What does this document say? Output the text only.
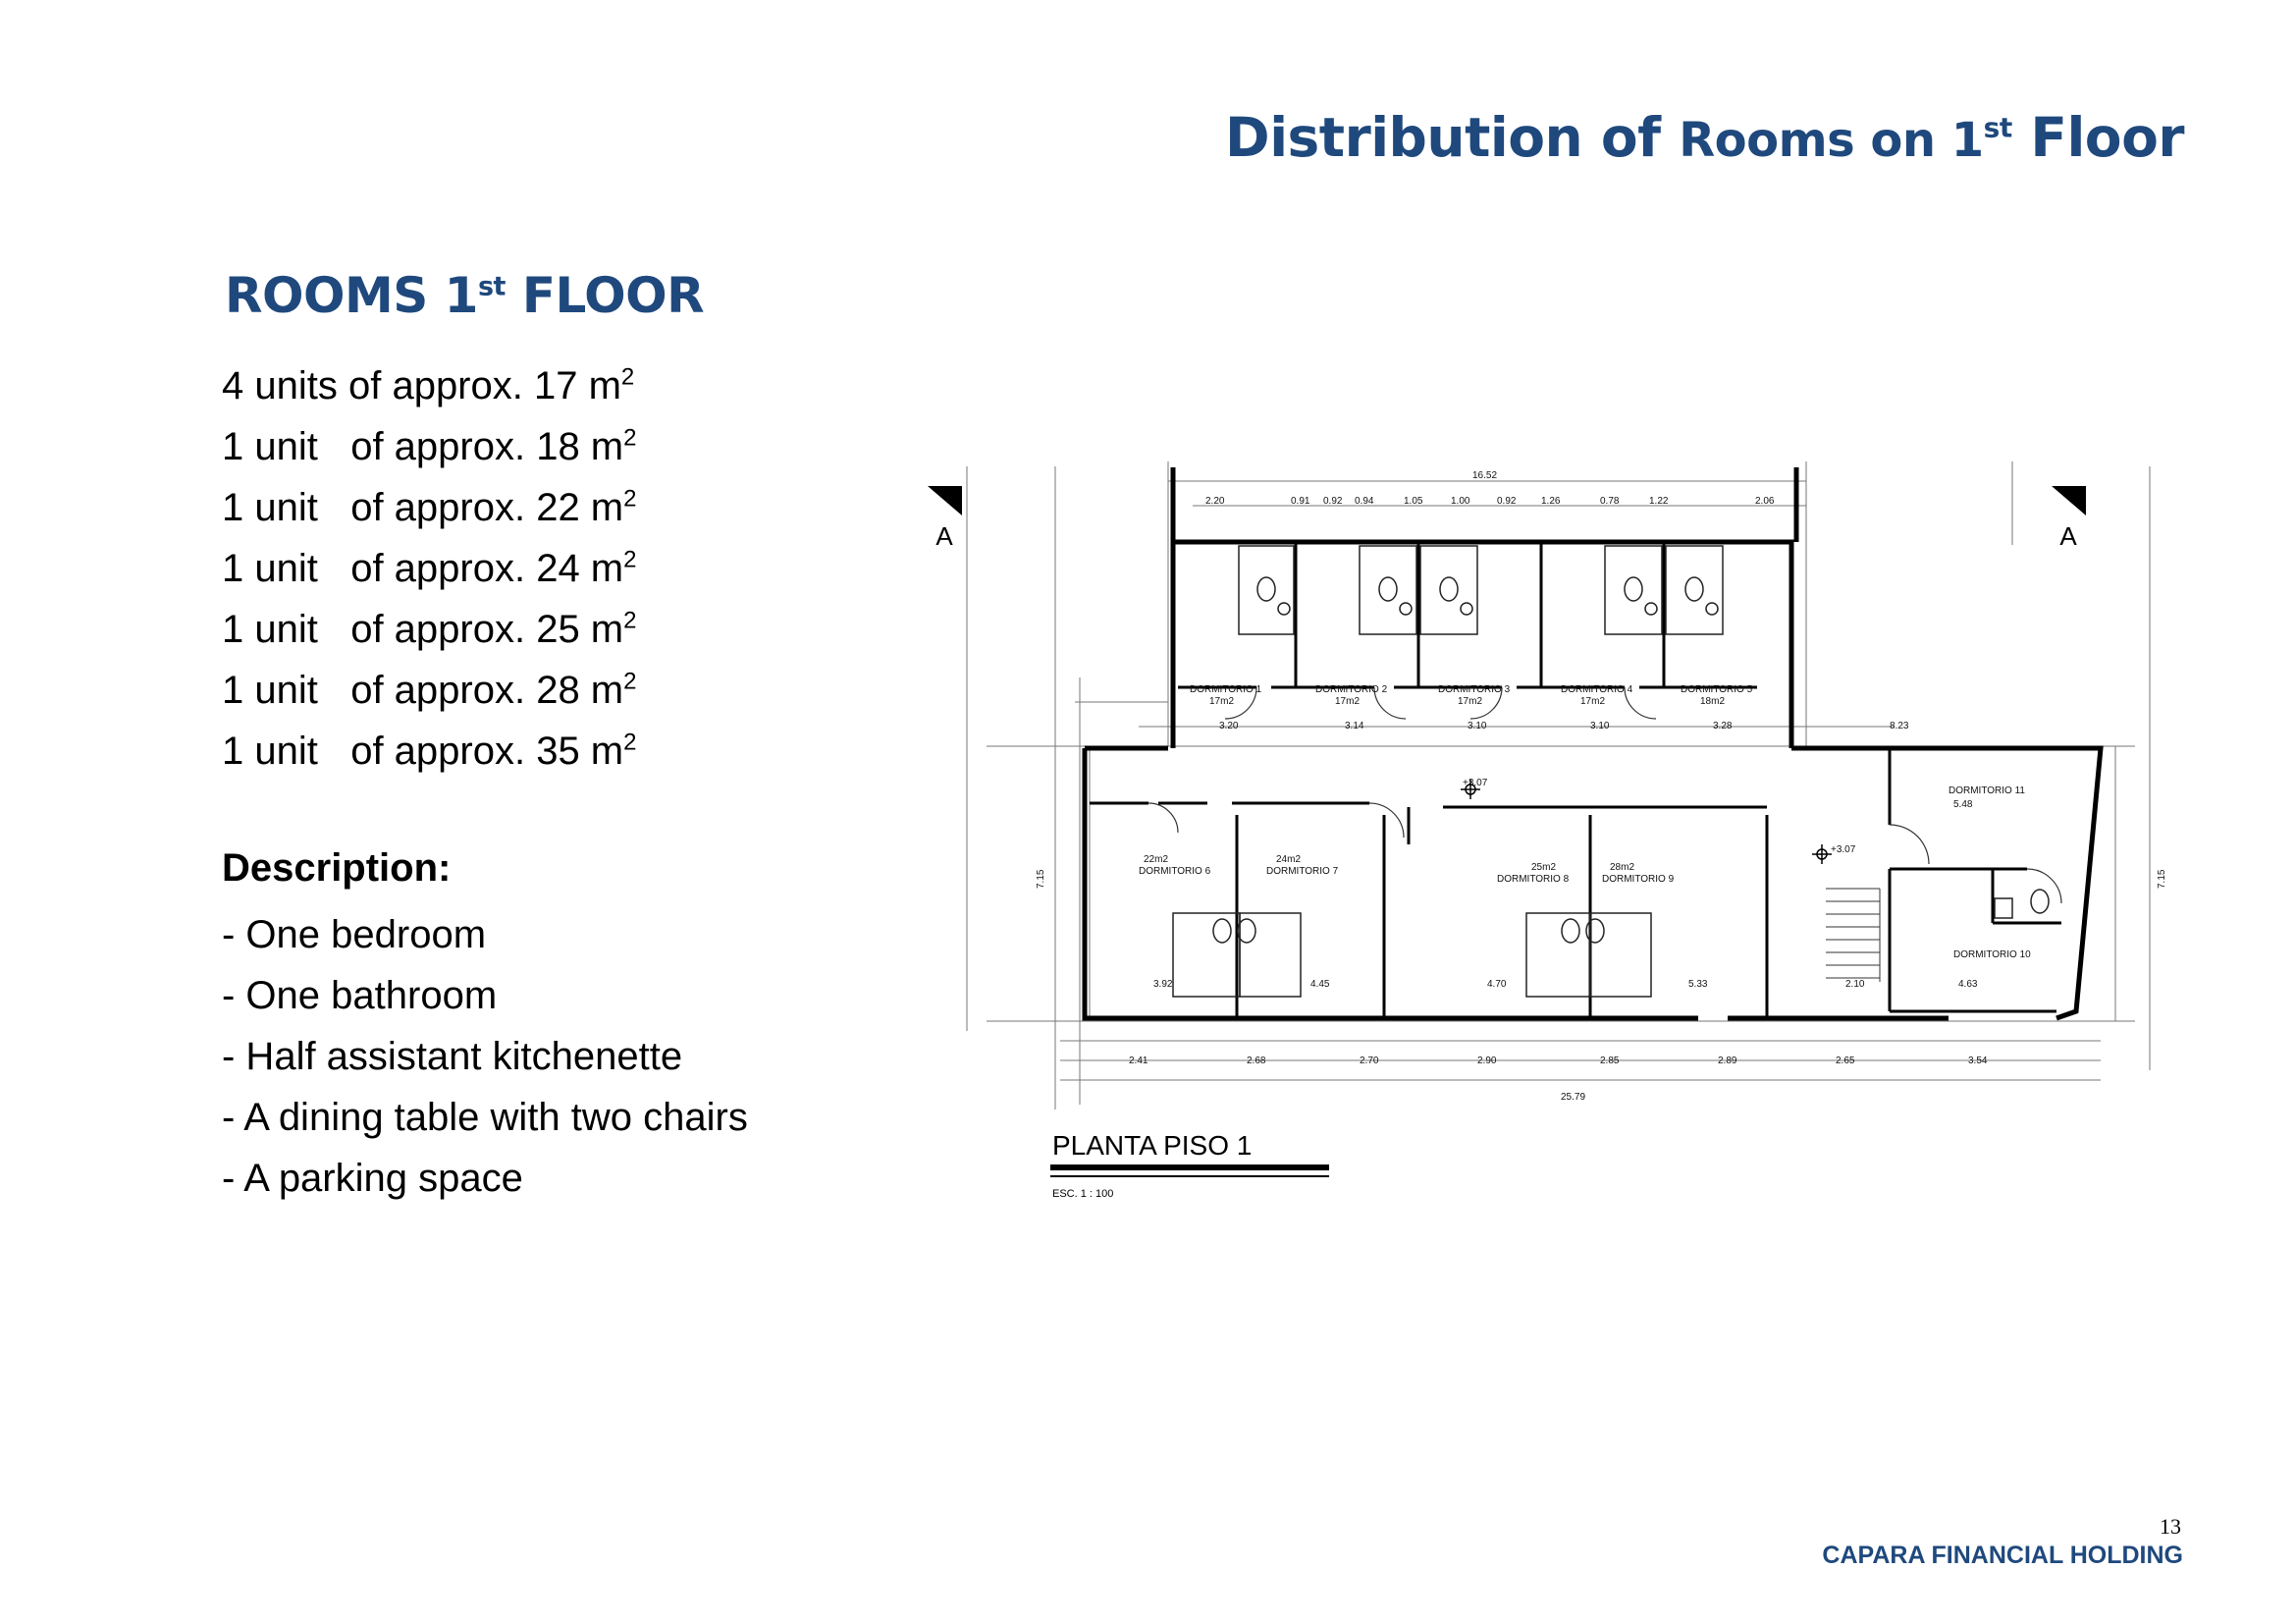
Distribution of Rooms on 1st Floor
ROOMS 1st FLOOR
4 units of approx. 17 $m^2$
1 unit   of approx. 18 $m^2$
1 unit   of approx. 22 $m^2$
1 unit   of approx. 24 $m^2$
1 unit   of approx. 25 $m^2$
1 unit   of approx. 28 $m^2$
1 unit   of approx. 35 $m^2$
Description:
- One bedroom
- One bathroom
- Half assistant kitchenette
- A dining table with two chairs
- A parking space
A	A
DORMITORIO 1
17m2
DORMITORIO 2
17m2
DORMITORIO 3
17m2
DORMITORIO 4
17m2
DORMITORIO 5
18m2
DORMITORIO 6
22m2
DORMITORIO 7
24m2
DORMITORIO 8
25m2
DORMITORIO 9
28m2
DORMITORIO 10
DORMITORIO 11
5.48
16.52
2.20	0.91 0.92 0.94	1.05	1.00	0.92	1.26	0.78	1.22	2.06
3.20	3.14	3.10	3.10	3.28	8.23
3.92	4.45	4.70	5.33	2.10	4.63
2.41	2.68	2.70	2.90	2.85	2.89	2.65	3.54
25.79
+3.07
+3.07
7.15	7.15
PLANTA PISO 1
ESC. 1 : 100
13
CAPARA FINANCIAL HOLDING
